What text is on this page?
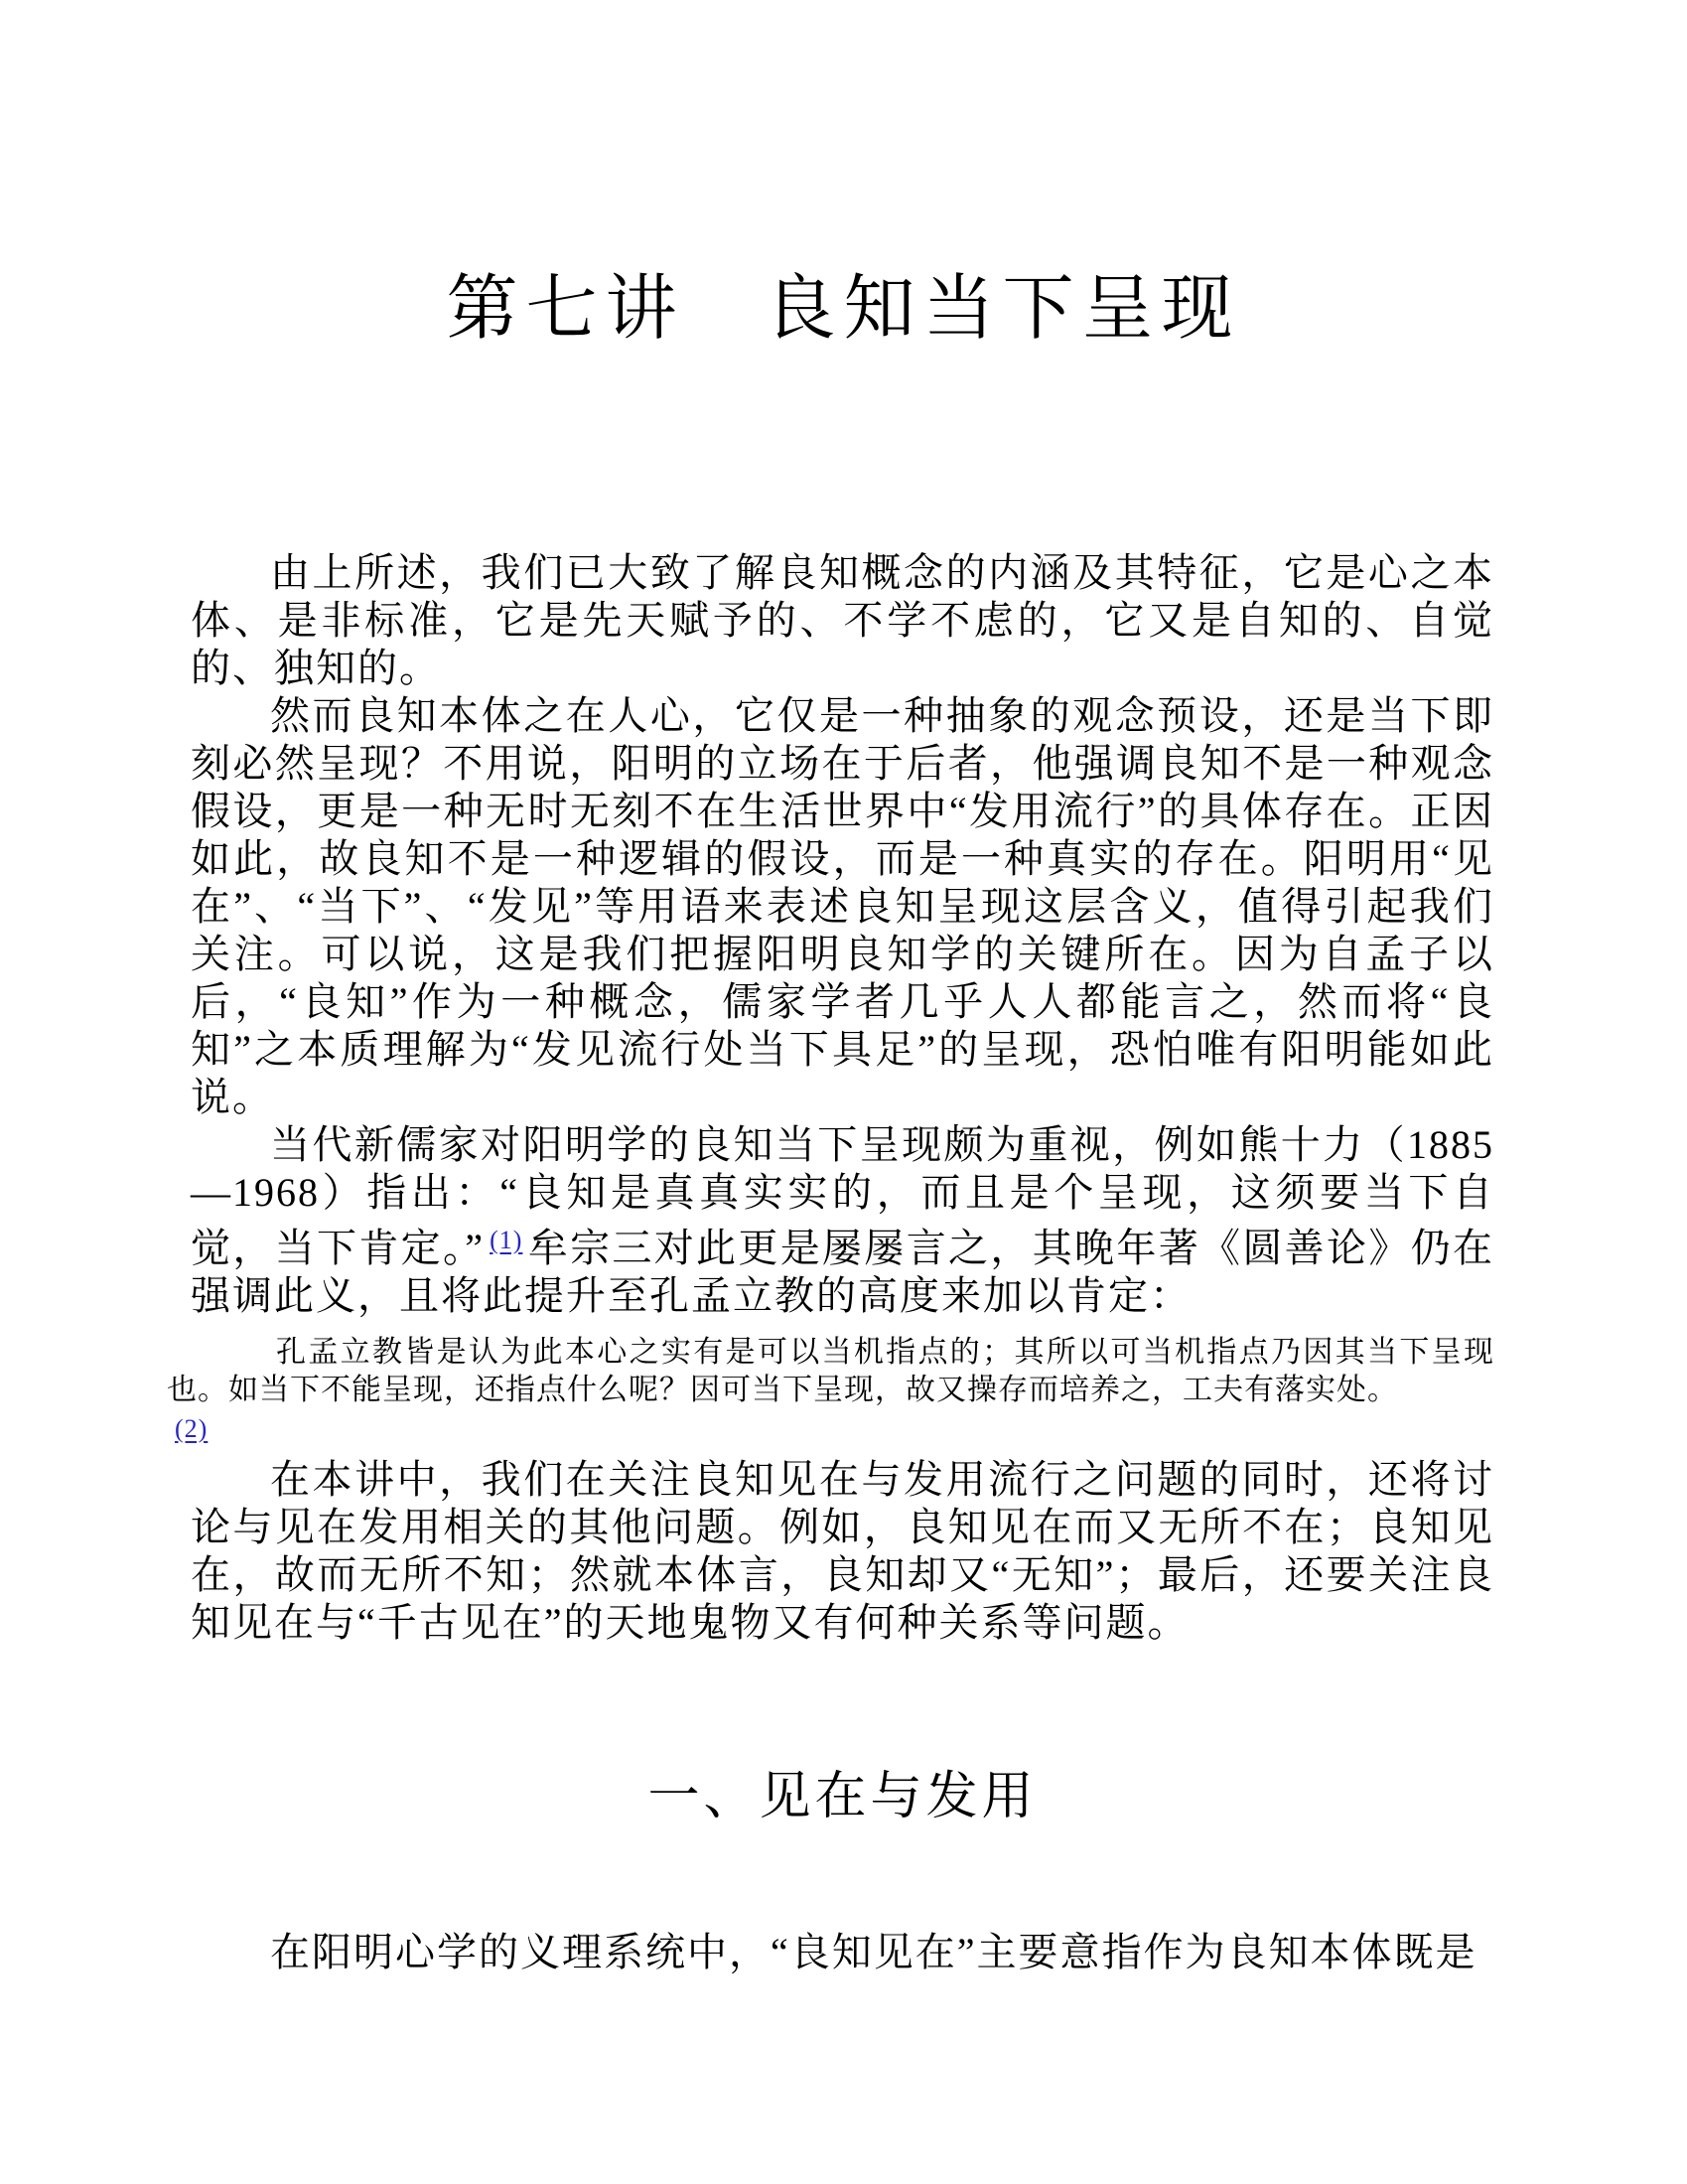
第七讲　良知当下呈现

由上所述，我们已大致了解良知概念的内涵及其特征，它是心之本体、是非标准，它是先天赋予的、不学不虑的，它又是自知的、自觉的、独知的。

然而良知本体之在人心，它仅是一种抽象的观念预设，还是当下即刻必然呈现？不用说，阳明的立场在于后者，他强调良知不是一种观念假设，更是一种无时无刻不在生活世界中“发用流行”的具体存在。正因如此，故良知不是一种逻辑的假设，而是一种真实的存在。阳明用“见在”、“当下”、“发见”等用语来表述良知呈现这层含义，值得引起我们关注。可以说，这是我们把握阳明良知学的关键所在。因为自孟子以后，“良知”作为一种概念，儒家学者几乎人人都能言之，然而将“良知”之本质理解为“发见流行处当下具足”的呈现，恐怕唯有阳明能如此说。

当代新儒家对阳明学的良知当下呈现颇为重视，例如熊十力（1885—1968）指出：“良知是真真实实的，而且是个呈现，这须要当下自觉，当下肯定。” $^{(1)}$ 牟宗三对此更是屡屡言之，其晚年著《圆善论》仍在强调此义，且将此提升至孔孟立教的高度来加以肯定：

孔孟立教皆是认为此本心之实有是可以当机指点的；其所以可当机指点乃因其当下呈现也。如当下不能呈现，还指点什么呢？因可当下呈现，故又操存而培养之，工夫有落实处。
(2)

在本讲中，我们在关注良知见在与发用流行之问题的同时，还将讨论与见在发用相关的其他问题。例如，良知见在而又无所不在；良知见在，故而无所不知；然就本体言，良知却又“无知”；最后，还要关注良知见在与“千古见在”的天地鬼物又有何种关系等问题。

一、见在与发用

在阳明心学的义理系统中，“良知见在”主要意指作为良知本体既是
